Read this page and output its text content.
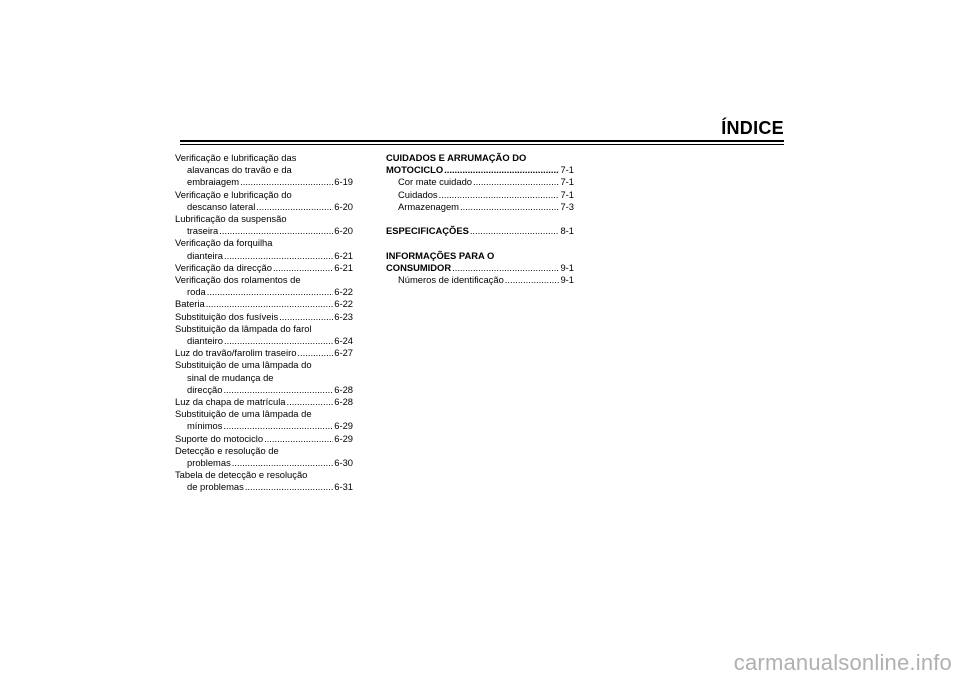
ÍNDICE
Verificação e lubrificação das
alavancas do travão e da
embraiagem .....	6-19
Verificação e lubrificação do
descanso lateral .....	6-20
Lubrificação da suspensão
traseira .....	6-20
Verificação da forquilha
dianteira .....	6-21
Verificação da direcção .....	6-21
Verificação dos rolamentos de
roda .....	6-22
Bateria .....	6-22
Substituição dos fusíveis .....	6-23
Substituição da lâmpada do farol
dianteiro .....	6-24
Luz do travão/farolim traseiro .....	6-27
Substituição de uma lâmpada do
sinal de mudança de
direcção .....	6-28
Luz da chapa de matrícula .....	6-28
Substituição de uma lâmpada de
mínimos .....	6-29
Suporte do motociclo .....	6-29
Detecção e resolução de
problemas .....	6-30
Tabela de detecção e resolução
de problemas .....	6-31
CUIDADOS E ARRUMAÇÃO DO
MOTOCICLO .....	7-1
Cor mate cuidado .....	7-1
Cuidados .....	7-1
Armazenagem .....	7-3
ESPECIFICAÇÕES .....	8-1
INFORMAÇÕES PARA O
CONSUMIDOR .....	9-1
Números de identificação .....	9-1
carmanualsonline.info
